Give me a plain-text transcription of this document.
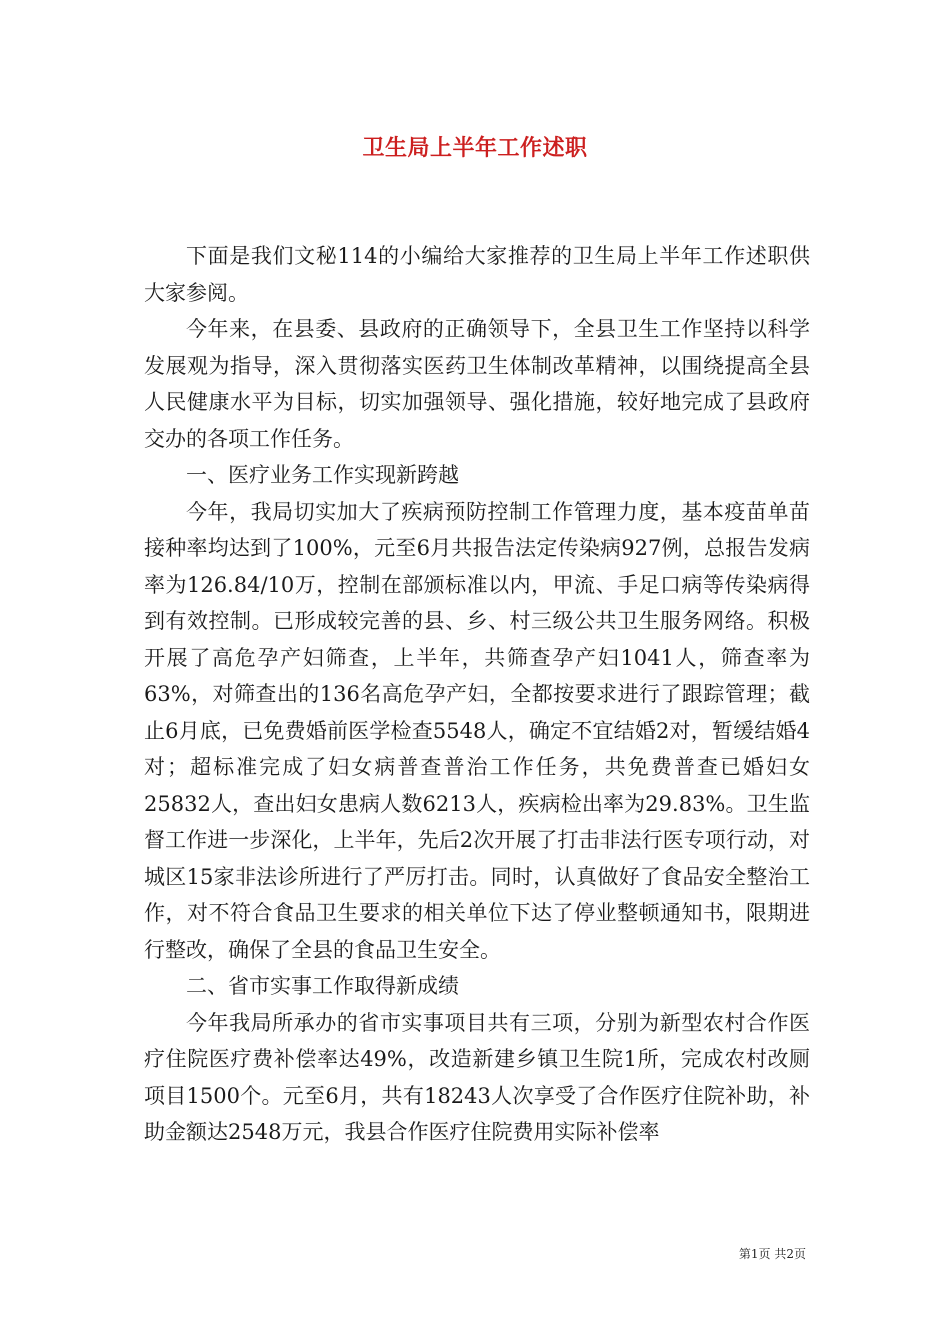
卫生局上半年工作述职

下面是我们文秘114的小编给大家推荐的卫生局上半年工作述职供大家参阅。

今年来，在县委、县政府的正确领导下，全县卫生工作坚持以科学发展观为指导，深入贯彻落实医药卫生体制改革精神，以围绕提高全县人民健康水平为目标，切实加强领导、强化措施，较好地完成了县政府交办的各项工作任务。

一、医疗业务工作实现新跨越

今年，我局切实加大了疾病预防控制工作管理力度，基本疫苗单苗接种率均达到了100%，元至6月共报告法定传染病927例，总报告发病率为126.84/10万，控制在部颁标准以内，甲流、手足口病等传染病得到有效控制。已形成较完善的县、乡、村三级公共卫生服务网络。积极开展了高危孕产妇筛查，上半年，共筛查孕产妇1041人，筛查率为63%，对筛查出的136名高危孕产妇，全都按要求进行了跟踪管理；截止6月底，已免费婚前医学检查5548人，确定不宜结婚2对，暂缓结婚4对；超标准完成了妇女病普查普治工作任务，共免费普查已婚妇女25832人，查出妇女患病人数6213人，疾病检出率为29.83%。卫生监督工作进一步深化，上半年，先后2次开展了打击非法行医专项行动，对城区15家非法诊所进行了严厉打击。同时，认真做好了食品安全整治工作，对不符合食品卫生要求的相关单位下达了停业整顿通知书，限期进行整改，确保了全县的食品卫生安全。

二、省市实事工作取得新成绩

今年我局所承办的省市实事项目共有三项，分别为新型农村合作医疗住院医疗费补偿率达49%，改造新建乡镇卫生院1所，完成农村改厕项目1500个。元至6月，共有18243人次享受了合作医疗住院补助，补助金额达2548万元，我县合作医疗住院费用实际补偿率

第1页 共2页
